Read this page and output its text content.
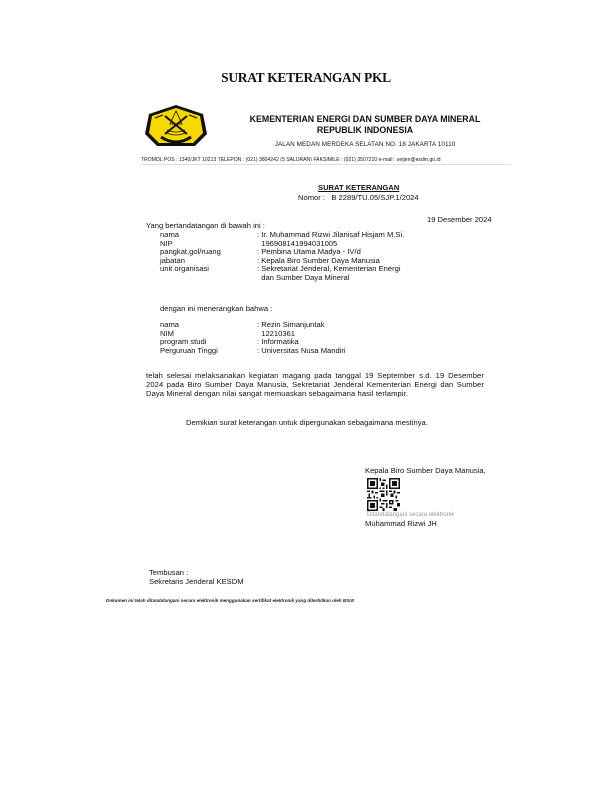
SURAT KETERANGAN PKL
KEMENTERIAN ENERGI DAN SUMBER DAYA MINERAL
REPUBLIK INDONESIA
JALAN MEDAN MERDEKA SELATAN NO. 18 JAKARTA 10110
TROMOL POS : 1340/JKT 10213 TELEPON : (021) 3804242 (5 SALURAN) FAKSIMILE : (021) 3507210 e-mail : setjen@esdm.go.id
SURAT KETERANGAN
Nomor : B 2289/TU.05/SJP.1/2024
19 Desember 2024
Yang bertandatangan di bawah ini :
nama	: Ir. Muhammad Rizwi Jilanisaf Hisjam M.Si.
NIP	196908141994031005
pangkat,gol/ruang	: Pembina Utama Madya - IV/d
jabatan	: Kepala Biro Sumber Daya Manusia
unit organisasi	: Sekretariat Jenderal, Kementerian Energi
dan Sumber Daya Mineral
dengan ini menerangkan bahwa :
nama	: Rezin Simanjuntak
NIM	12210361
program studi	: Informatika
Perguruan Tinggi	: Universitas Nusa Mandiri
telah selesai melaksanakan kegiatan magang pada tanggal 19 September s.d. 19 Desember 2024 pada Biro Sumber Daya Manusia, Sekretariat Jenderal Kementerian Energi dan Sumber Daya Mineral dengan nilai sangat memuaskan sebagaimana hasil terlampir.
Demikian surat keterangan untuk dipergunakan sebagaimana mestinya.
Kepala Biro Sumber Daya Manusia,
Ditandatangani secara elektronik
Muhammad Rizwi JH
Tembusan :
Sekretaris Jenderal KESDM
Dokumen ini telah ditandatangani secara elektronik menggunakan sertifikat elektronik yang diterbitkan oleh BSrE
